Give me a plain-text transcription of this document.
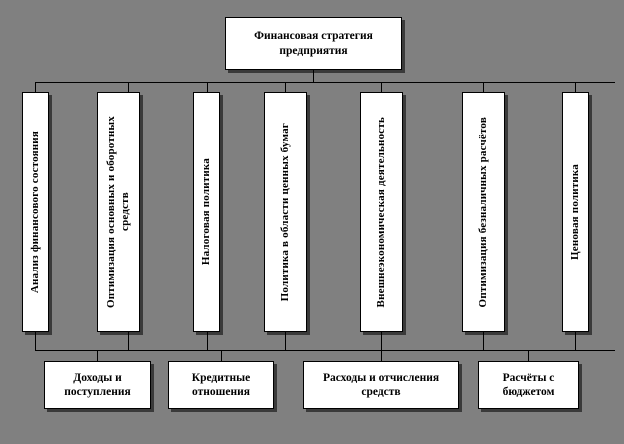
Финансовая стратегия предприятия
Анализ финансового состояния	Оптимизация основных и оборотных средств	Налоговая политика	Политика в области ценных бумаг	Внешнеэкономическая деятельность	Оптимизация безналичных расчётов	Ценовая политика
Доходы и поступления
Кредитные отношения
Расходы и отчисления средств
Расчёты с бюджетом
